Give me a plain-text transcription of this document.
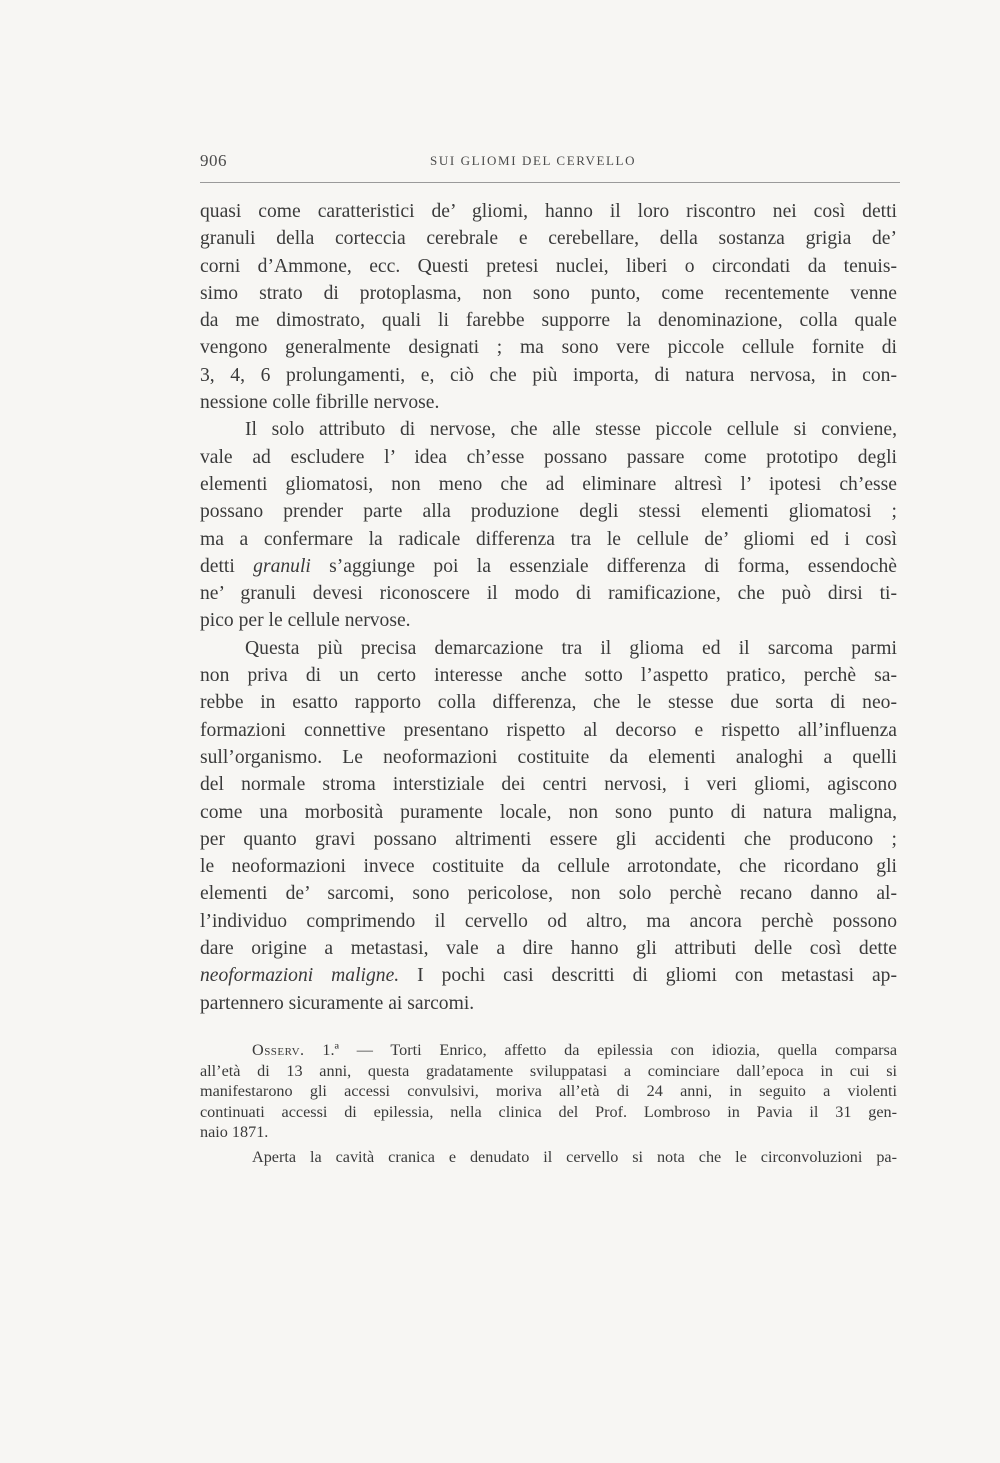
906	SUI GLIOMI DEL CERVELLO
quasi come caratteristici de’ gliomi, hanno il loro riscontro nei così detti
granuli della corteccia cerebrale e cerebellare, della sostanza grigia de’
corni d’Ammone, ecc. Questi pretesi nuclei, liberi o circondati da tenuis-
simo strato di protoplasma, non sono punto, come recentemente venne
da me dimostrato, quali li farebbe supporre la denominazione, colla quale
vengono generalmente designati ; ma sono vere piccole cellule fornite di
3, 4, 6 prolungamenti, e, ciò che più importa, di natura nervosa, in con-
nessione colle fibrille nervose.
Il solo attributo di nervose, che alle stesse piccole cellule si conviene,
vale ad escludere l’ idea ch’esse possano passare come prototipo degli
elementi gliomatosi, non meno che ad eliminare altresì l’ ipotesi ch’esse
possano prender parte alla produzione degli stessi elementi gliomatosi ;
ma a confermare la radicale differenza tra le cellule de’ gliomi ed i così
detti granuli s’aggiunge poi la essenziale differenza di forma, essendochè
ne’ granuli devesi riconoscere il modo di ramificazione, che può dirsi ti-
pico per le cellule nervose.
Questa più precisa demarcazione tra il glioma ed il sarcoma parmi
non priva di un certo interesse anche sotto l’aspetto pratico, perchè sa-
rebbe in esatto rapporto colla differenza, che le stesse due sorta di neo-
formazioni connettive presentano rispetto al decorso e rispetto all’influenza
sull’organismo. Le neoformazioni costituite da elementi analoghi a quelli
del normale stroma interstiziale dei centri nervosi, i veri gliomi, agiscono
come una morbosità puramente locale, non sono punto di natura maligna,
per quanto gravi possano altrimenti essere gli accidenti che producono ;
le neoformazioni invece costituite da cellule arrotondate, che ricordano gli
elementi de’ sarcomi, sono pericolose, non solo perchè recano danno al-
l’individuo comprimendo il cervello od altro, ma ancora perchè possono
dare origine a metastasi, vale a dire hanno gli attributi delle così dette
neoformazioni maligne. I pochi casi descritti di gliomi con metastasi ap-
partennero sicuramente ai sarcomi.
Osserv. 1.ª — Torti Enrico, affetto da epilessia con idiozia, quella comparsa
all’età di 13 anni, questa gradatamente sviluppatasi a cominciare dall’epoca in cui si
manifestarono gli accessi convulsivi, moriva all’età di 24 anni, in seguito a violenti
continuati accessi di epilessia, nella clinica del Prof. Lombroso in Pavia il 31 gen-
naio 1871.
Aperta la cavità cranica e denudato il cervello si nota che le circonvoluzioni pa-
